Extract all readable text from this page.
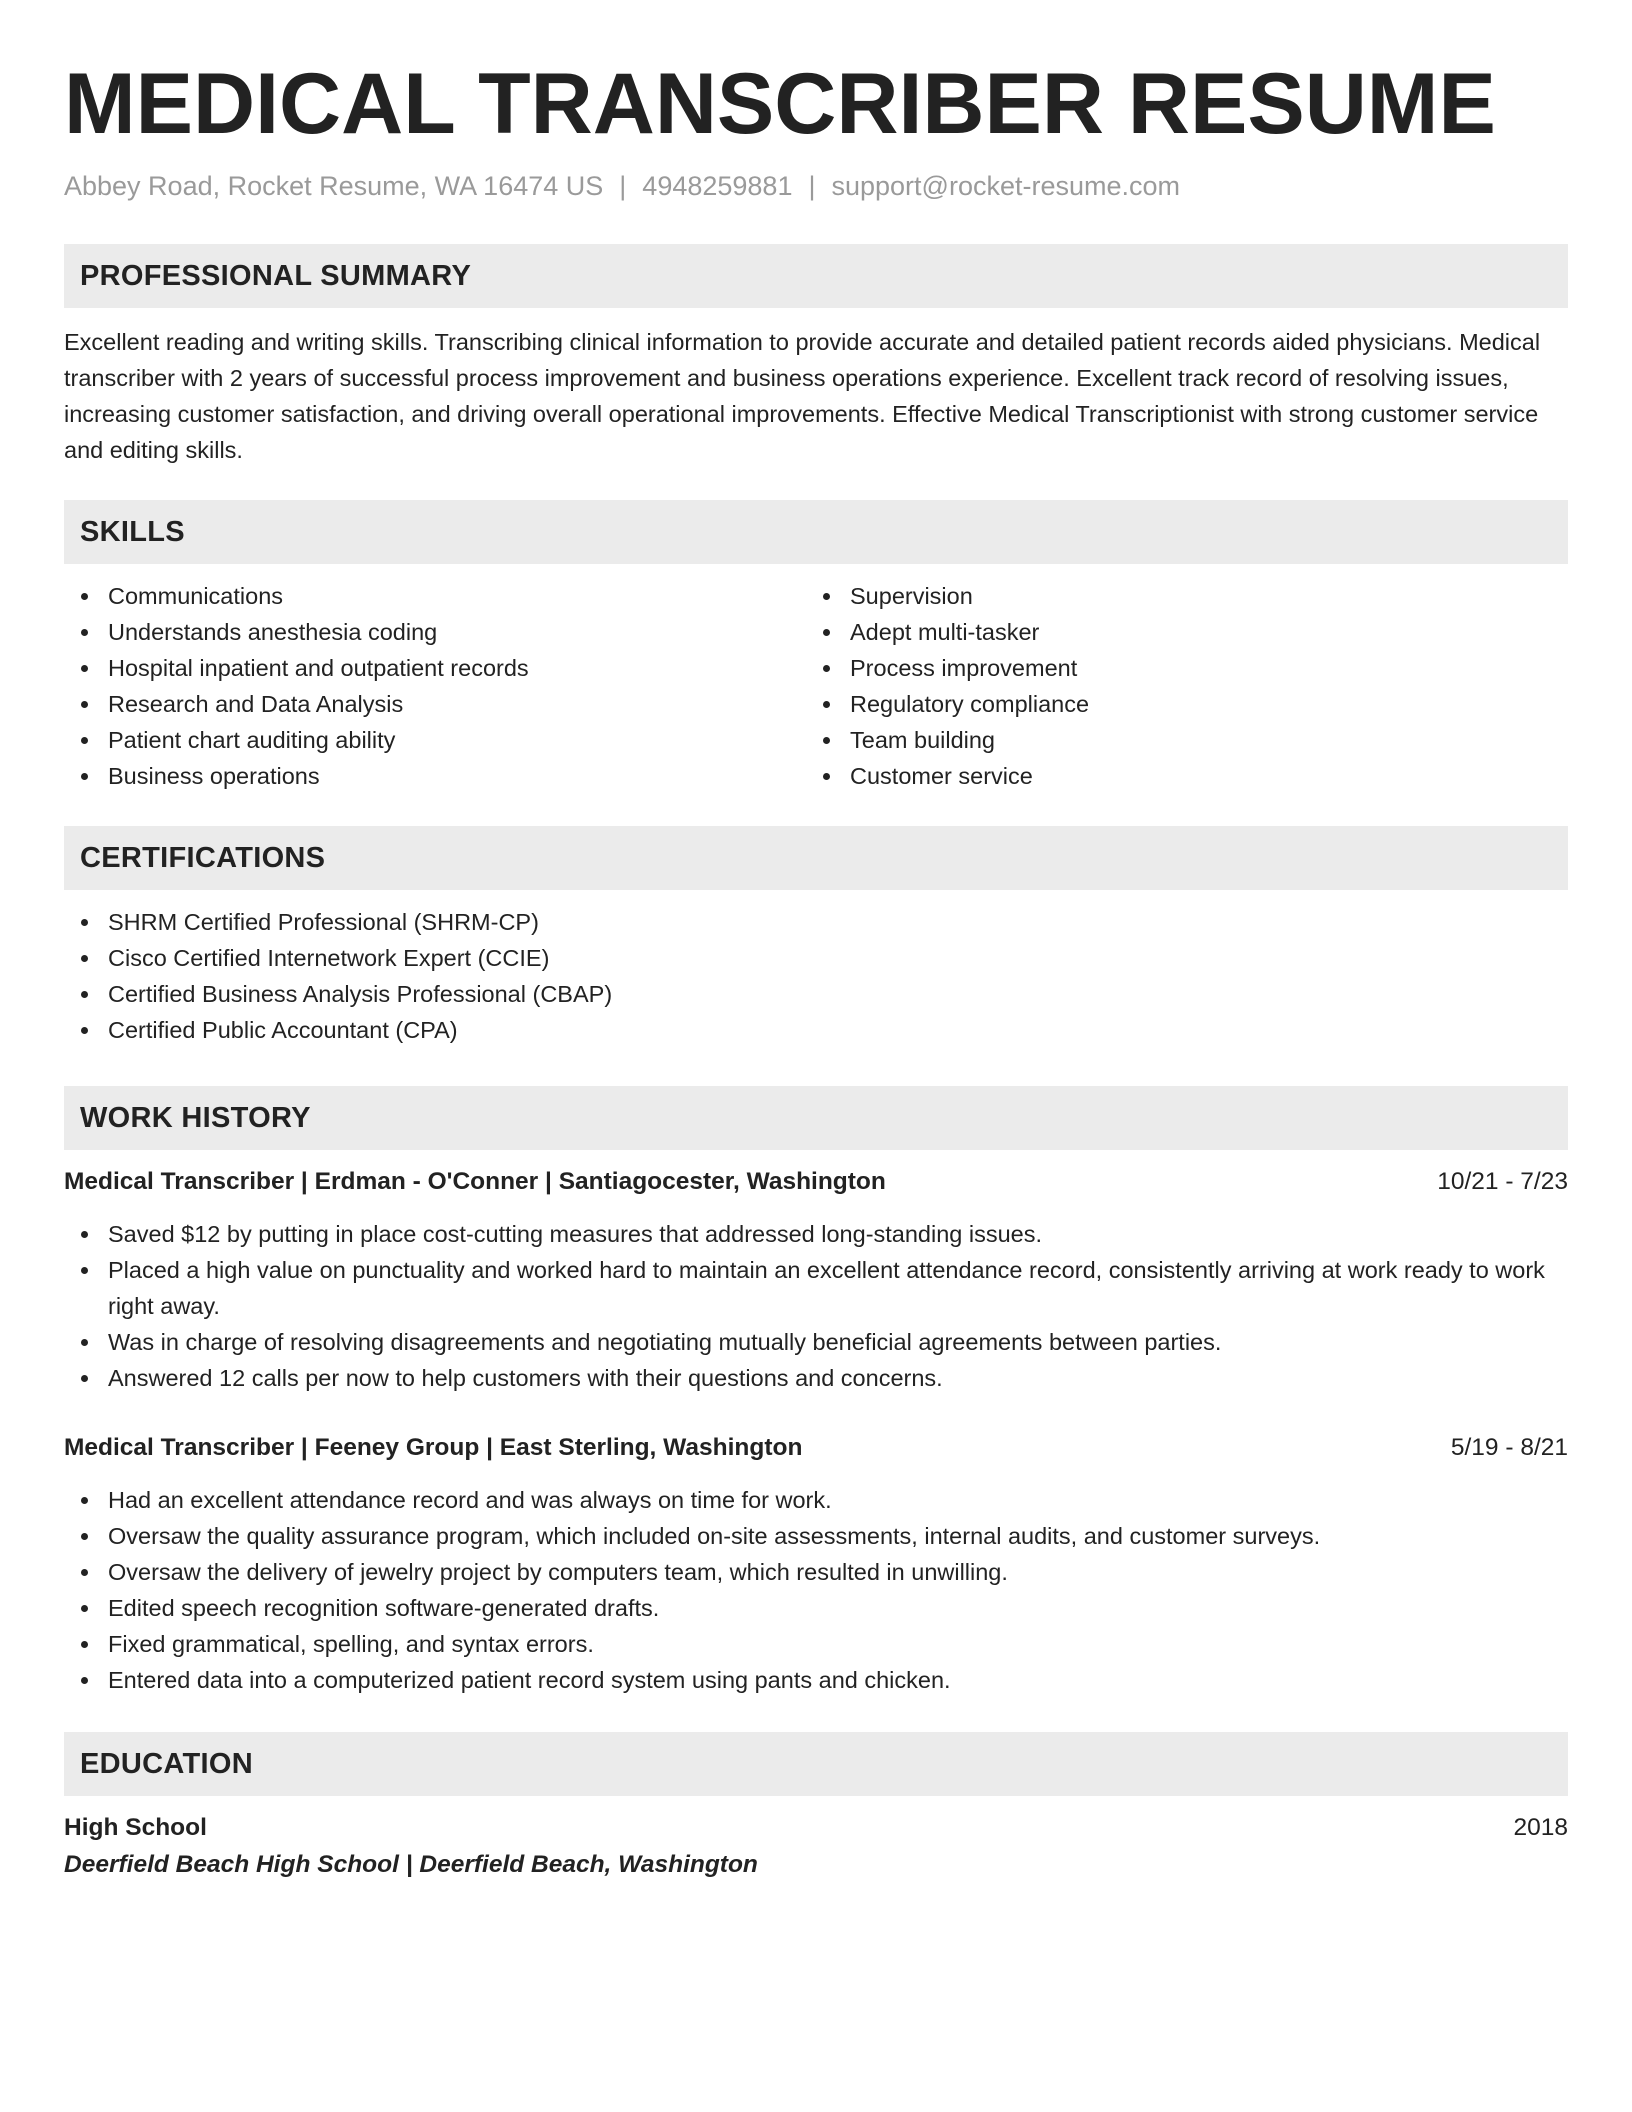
MEDICAL TRANSCRIBER RESUME
Abbey Road, Rocket Resume, WA 16474 US | 4948259881 | support@rocket-resume.com
PROFESSIONAL SUMMARY

Excellent reading and writing skills. Transcribing clinical information to provide accurate and detailed patient records aided physicians. Medical transcriber with 2 years of successful process improvement and business operations experience. Excellent track record of resolving issues, increasing customer satisfaction, and driving overall operational improvements. Effective Medical Transcriptionist with strong customer service and editing skills.

SKILLS
Communications
Understands anesthesia coding
Hospital inpatient and outpatient records
Research and Data Analysis
Patient chart auditing ability
Business operations
Supervision
Adept multi-tasker
Process improvement
Regulatory compliance
Team building
Customer service
CERTIFICATIONS
SHRM Certified Professional (SHRM-CP)
Cisco Certified Internetwork Expert (CCIE)
Certified Business Analysis Professional (CBAP)
Certified Public Accountant (CPA)
WORK HISTORY
Medical Transcriber | Erdman - O'Conner | Santiagocester, Washington	10/21 - 7/23
Saved $12 by putting in place cost-cutting measures that addressed long-standing issues.
Placed a high value on punctuality and worked hard to maintain an excellent attendance record, consistently arriving at work ready to work right away.
Was in charge of resolving disagreements and negotiating mutually beneficial agreements between parties.
Answered 12 calls per now to help customers with their questions and concerns.
Medical Transcriber | Feeney Group | East Sterling, Washington	5/19 - 8/21
Had an excellent attendance record and was always on time for work.
Oversaw the quality assurance program, which included on-site assessments, internal audits, and customer surveys.
Oversaw the delivery of jewelry project by computers team, which resulted in unwilling.
Edited speech recognition software-generated drafts.
Fixed grammatical, spelling, and syntax errors.
Entered data into a computerized patient record system using pants and chicken.
EDUCATION
High School	2018
Deerfield Beach High School | Deerfield Beach, Washington
